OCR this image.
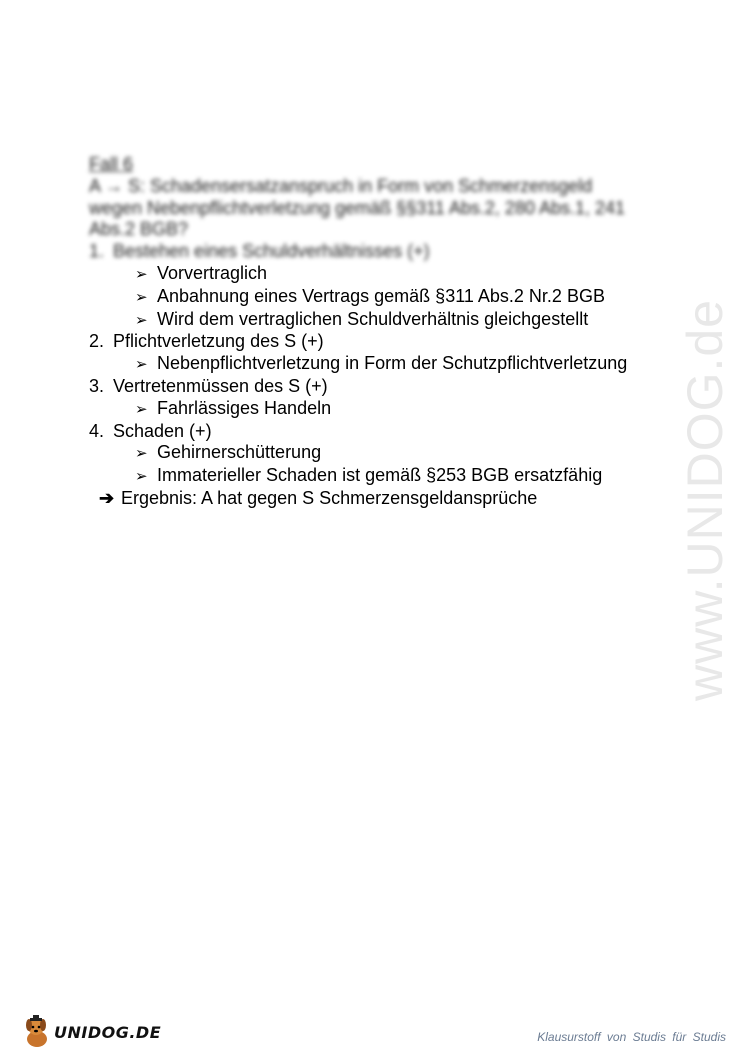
www.UNIDOG.de
Fall 6
A → S: Schadensersatzanspruch in Form von Schmerzensgeld
wegen Nebenpflichtverletzung gemäß §§311 Abs.2, 280 Abs.1, 241
Abs.2 BGB?
1. Bestehen eines Schuldverhältnisses (+)
➢ Vorvertraglich
➢ Anbahnung eines Vertrags gemäß §311 Abs.2 Nr.2 BGB
➢ Wird dem vertraglichen Schuldverhältnis gleichgestellt
2. Pflichtverletzung des S (+)
➢ Nebenpflichtverletzung in Form der Schutzpflichtverletzung
3. Vertretenmüssen des S (+)
➢ Fahrlässiges Handeln
4. Schaden (+)
➢ Gehirnerschütterung
➢ Immaterieller Schaden ist gemäß §253 BGB ersatzfähig
➔ Ergebnis: A hat gegen S Schmerzensgeldansprüche
UNIDOG.DE	Klausurstoff von Studis für Studis
